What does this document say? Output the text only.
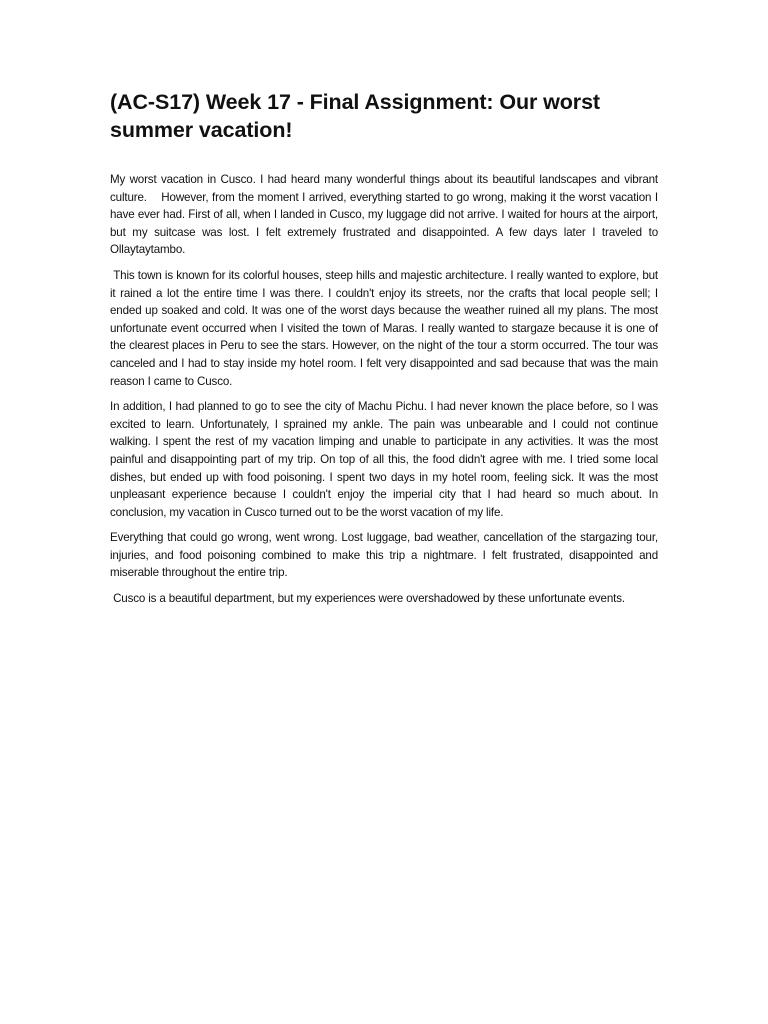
(AC-S17) Week 17 - Final Assignment: Our worst summer vacation!

My worst vacation in Cusco. I had heard many wonderful things about its beautiful landscapes and vibrant culture.    However, from the moment I arrived, everything started to go wrong, making it the worst vacation I have ever had. First of all, when I landed in Cusco, my luggage did not arrive. I waited for hours at the airport, but my suitcase was lost. I felt extremely frustrated and disappointed. A few days later I traveled to Ollaytaytambo.

This town is known for its colorful houses, steep hills and majestic architecture. I really wanted to explore, but it rained a lot the entire time I was there. I couldn't enjoy its streets, nor the crafts that local people sell; I ended up soaked and cold. It was one of the worst days because the weather ruined all my plans. The most unfortunate event occurred when I visited the town of Maras. I really wanted to stargaze because it is one of the clearest places in Peru to see the stars. However, on the night of the tour a storm occurred. The tour was canceled and I had to stay inside my hotel room. I felt very disappointed and sad because that was the main reason I came to Cusco.

In addition, I had planned to go to see the city of Machu Pichu. I had never known the place before, so I was excited to learn. Unfortunately, I sprained my ankle. The pain was unbearable and I could not continue walking. I spent the rest of my vacation limping and unable to participate in any activities. It was the most painful and disappointing part of my trip. On top of all this, the food didn't agree with me. I tried some local dishes, but ended up with food poisoning. I spent two days in my hotel room, feeling sick. It was the most unpleasant experience because I couldn't enjoy the imperial city that I had heard so much about. In conclusion, my vacation in Cusco turned out to be the worst vacation of my life.

Everything that could go wrong, went wrong. Lost luggage, bad weather, cancellation of the stargazing tour, injuries, and food poisoning combined to make this trip a nightmare. I felt frustrated, disappointed and miserable throughout the entire trip.

Cusco is a beautiful department, but my experiences were overshadowed by these unfortunate events.
